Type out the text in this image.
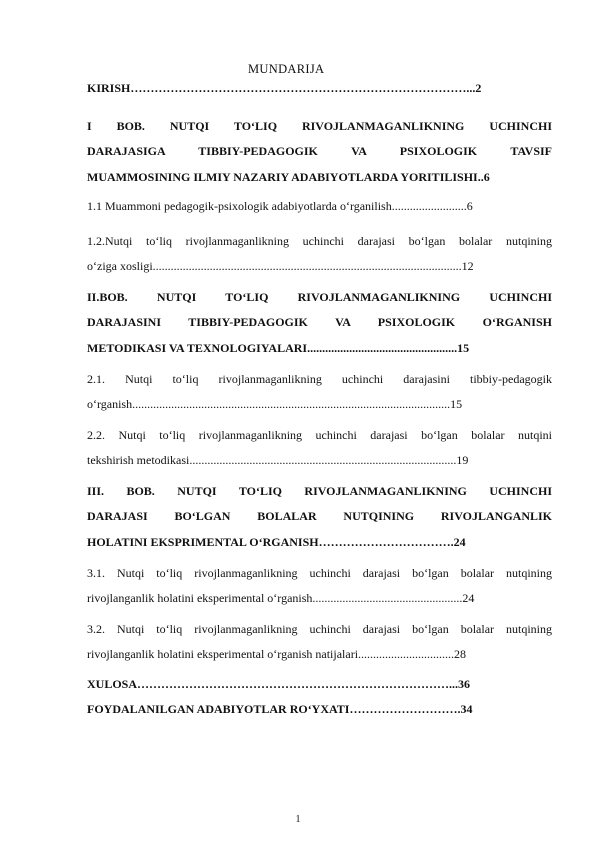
MUNDARIJA
KIRISH…………………………………………………………………………...2
I BOB. NUTQI TO‘LIQ RIVOJLANMAGANLIKNING UCHINCHI
DARAJASIGA TIBBIY-PEDAGOGIK VA PSIXOLOGIK TAVSIF
MUAMMOSINING ILMIY NAZARIY ADABIYOTLARDA YORITILISHI..6
1.1 Muammoni pedagogik-psixologik adabiyotlarda o‘rganilish.........................6
1.2.Nutqi to‘liq rivojlanmaganlikning uchinchi darajasi bo‘lgan bolalar nutqining
o‘ziga xosligi.......................................................................................................12
II.BOB. NUTQI TO‘LIQ RIVOJLANMAGANLIKNING UCHINCHI
DARAJASINI TIBBIY-PEDAGOGIK VA PSIXOLOGIK O‘RGANISH
METODIKASI VA TEXNOLOGIYALARI..................................................15
2.1. Nutqi to‘liq rivojlanmaganlikning uchinchi darajasini tibbiy-pedagogik
o‘rganish..........................................................................................................15
2.2. Nutqi to‘liq rivojlanmaganlikning uchinchi darajasi bo‘lgan bolalar nutqini
tekshirish metodikasi.........................................................................................19
III. BOB. NUTQI TO‘LIQ RIVOJLANMAGANLIKNING UCHINCHI
DARAJASI BO‘LGAN BOLALAR NUTQINING RIVOJLANGANLIK
HOLATINI EKSPRIMENTAL O‘RGANISH…………………………….24
3.1. Nutqi to‘liq rivojlanmaganlikning uchinchi darajasi bo‘lgan bolalar nutqining
rivojlanganlik holatini eksperimental o‘rganish..................................................24
3.2. Nutqi to‘liq rivojlanmaganlikning uchinchi darajasi bo‘lgan bolalar nutqining
rivojlanganlik holatini eksperimental o‘rganish natijalari................................28
XULOSA……………………………………………………………………...36
FOYDALANILGAN ADABIYOTLAR RO‘YXATI……………………….34
1
